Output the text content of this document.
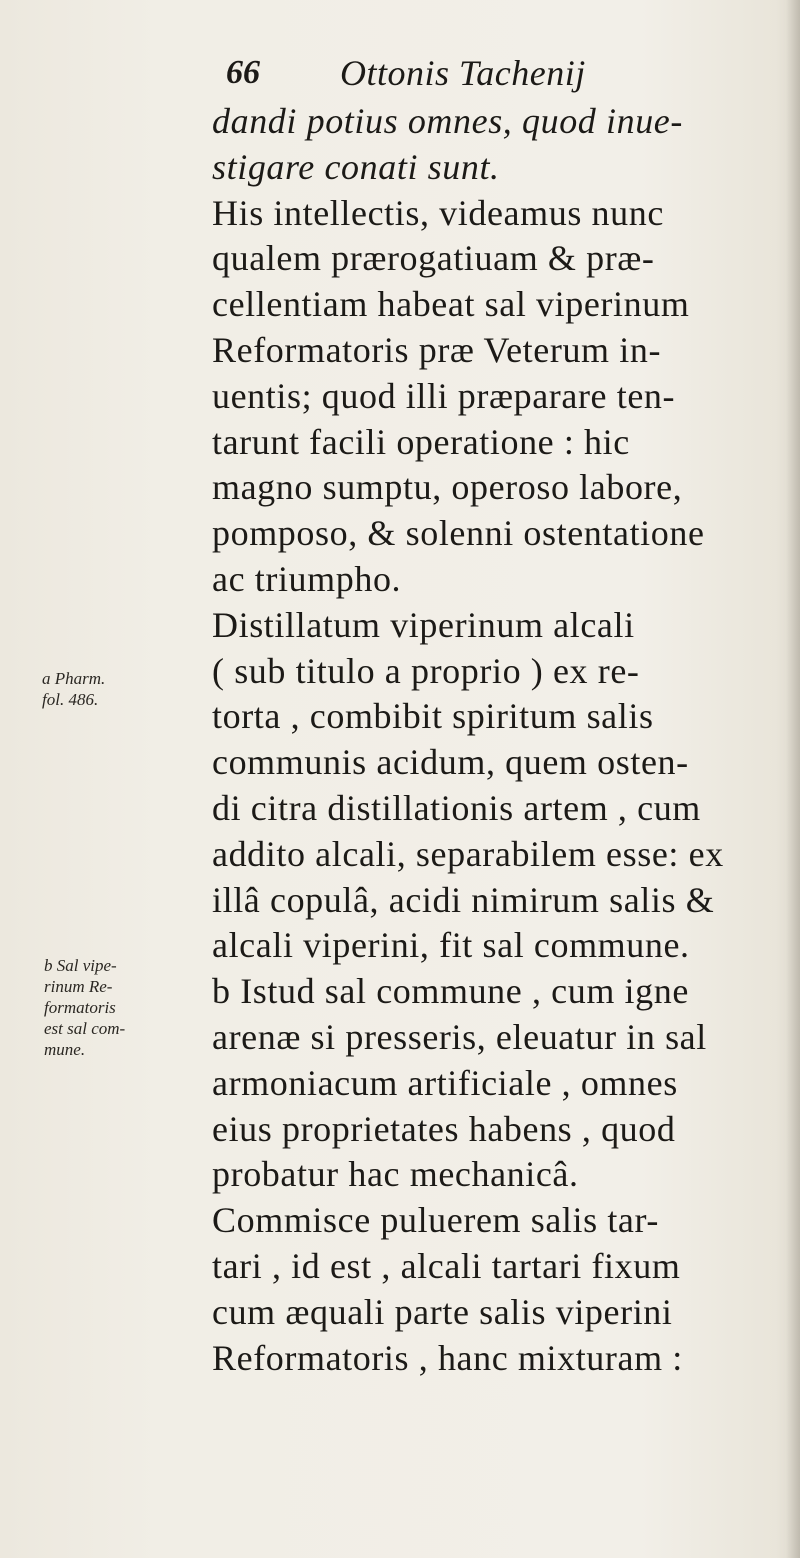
66 Ottonis Tachenij
dandi potius omnes, quod inue-
stigare conati sunt.
His intellectis, videamus nunc
qualem prærogatiuam & præ-
cellentiam habeat sal viperinum
Reformatoris præ Veterum in-
uentis; quod illi præparare ten-
tarunt facili operatione : hic
magno sumptu, operoso labore,
pomposo, & solenni ostentatione
ac triumpho.
Distillatum viperinum alcali
( sub titulo a proprio ) ex re-
torta , combibit spiritum salis
communis acidum, quem osten-
di citra distillationis artem , cum
addito alcali, separabilem esse: ex
illâ copulâ, acidi nimirum salis &
alcali viperini, fit sal commune.
b Istud sal commune , cum igne
arenæ si presseris, eleuatur in sal
armoniacum artificiale , omnes
eius proprietates habens , quod
probatur hac mechanicâ.
Commisce puluerem salis tar-
tari , id est , alcali tartari fixum
cum æquali parte salis viperini
Reformatoris , hanc mixturam :
a Pharm.
fol. 486.
b Sal vipe-
rinum Re-
formatoris
est sal com-
mune.
